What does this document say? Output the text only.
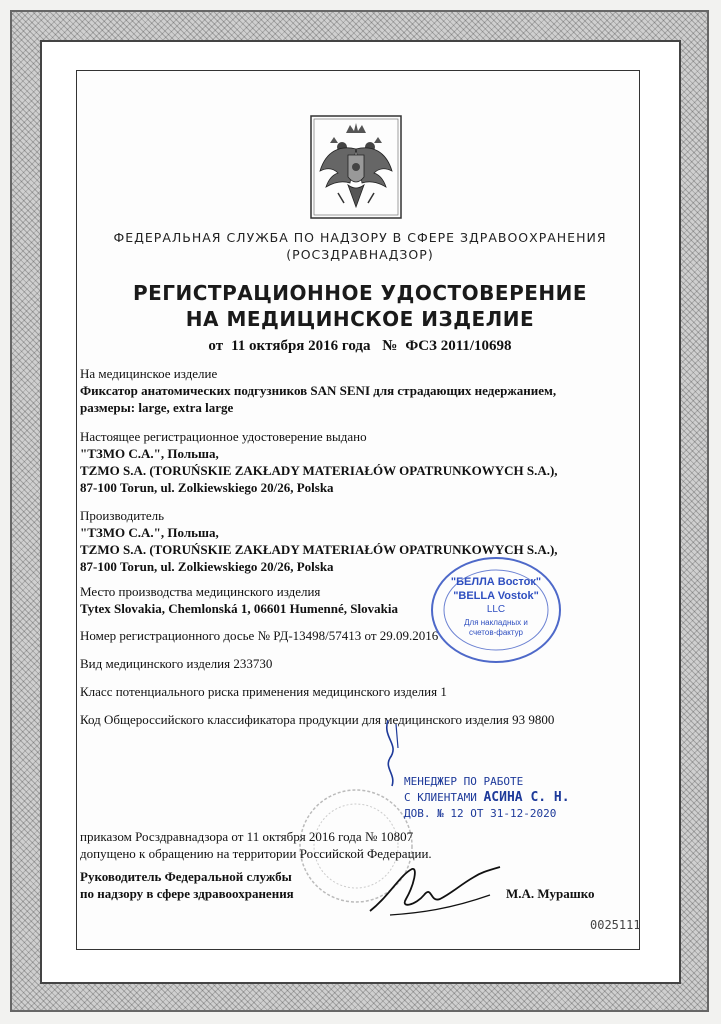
ФЕДЕРАЛЬНАЯ СЛУЖБА ПО НАДЗОРУ В СФЕРЕ ЗДРАВООХРАНЕНИЯ
(РОСЗДРАВНАДЗОР)
РЕГИСТРАЦИОННОЕ УДОСТОВЕРЕНИЕ
НА МЕДИЦИНСКОЕ ИЗДЕЛИЕ
от 11 октября 2016 года № ФСЗ 2011/10698
На медицинское изделие
Фиксатор анатомических подгузников SAN SENI для страдающих недержанием,
размеры: large, extra large
Настоящее регистрационное удостоверение выдано
"ТЗМО С.А.", Польша,
TZMO S.A. (TORUŃSKIE ZAKŁADY MATERIAŁÓW OPATRUNKOWYCH S.A.),
87-100 Torun, ul. Zolkiewskiego 20/26, Polska
Производитель
"ТЗМО С.А.", Польша,
TZMO S.A. (TORUŃSKIE ZAKŁADY MATERIAŁÓW OPATRUNKOWYCH S.A.),
87-100 Torun, ul. Zolkiewskiego 20/26, Polska
Место производства медицинского изделия
Tytex Slovakia, Chemlonská 1, 06601 Humenné, Slovakia
Номер регистрационного досье № РД-13498/57413 от 29.09.2016
Вид медицинского изделия 233730
Класс потенциального риска применения медицинского изделия 1
Код Общероссийского классификатора продукции для медицинского изделия 93 9800
"БЕЛЛА Восток"
"BELLA Vostok"
LLC
Для накладных и
счетов-фактур
МЕНЕДЖЕР ПО РАБОТЕ
С КЛИЕНТАМИ АСИНА С. Н.
ДОВ. № 12 ОТ 31-12-2020
приказом Росздравнадзора от 11 октября 2016 года № 10807
допущено к обращению на территории Российской Федерации.
Руководитель Федеральной службы
по надзору в сфере здравоохранения	М.А. Мурашко
0025111
